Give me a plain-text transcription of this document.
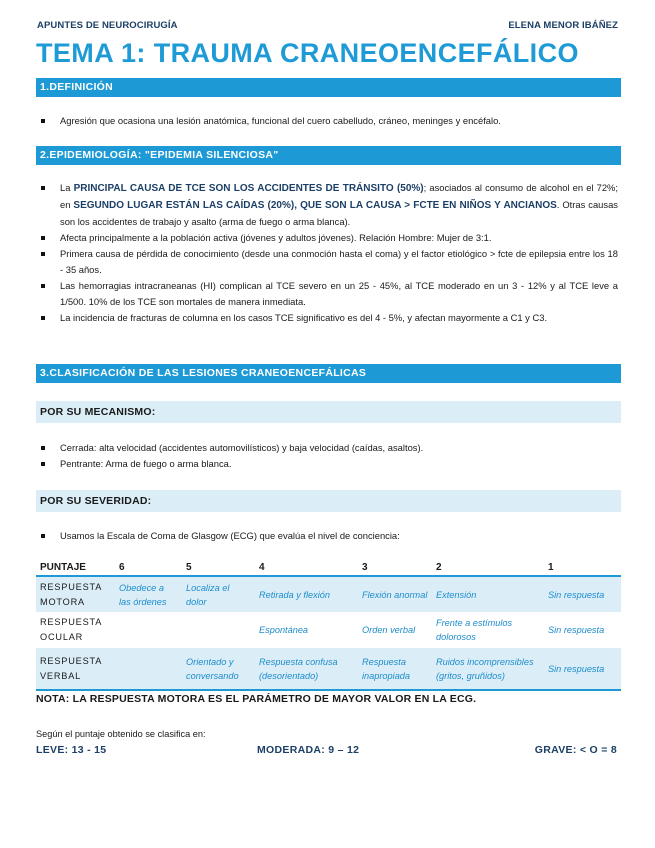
APUNTES DE NEUROCIRUGÍA	ELENA MENOR IBÁÑEZ
TEMA 1: TRAUMA CRANEOENCEFÁLICO
1.DEFINICIÓN
Agresión que ocasiona una lesión anatómica, funcional del cuero cabelludo, cráneo, meninges y encéfalo.
2.EPIDEMIOLOGÍA: "EPIDEMIA SILENCIOSA"
La PRINCIPAL CAUSA DE TCE SON LOS ACCIDENTES DE TRÁNSITO (50%); asociados al consumo de alcohol en el 72%; en SEGUNDO LUGAR ESTÁN LAS CAÍDAS (20%), QUE SON LA CAUSA > FCTE EN NIÑOS Y ANCIANOS. Otras causas son los accidentes de trabajo y asalto (arma de fuego o arma blanca).
Afecta principalmente a la población activa (jóvenes y adultos jóvenes). Relación Hombre: Mujer de 3:1.
Primera causa de pérdida de conocimiento (desde una conmoción hasta el coma) y el factor etiológico > fcte de epilepsia entre los 18 - 35 años.
Las hemorragias intracraneanas (HI) complican al TCE severo en un 25 - 45%, al TCE moderado en un 3 - 12% y al TCE leve a 1/500. 10% de los TCE son mortales de manera inmediata.
La incidencia de fracturas de columna en los casos TCE significativo es del 4 - 5%, y afectan mayormente a C1 y C3.
3.CLASIFICACIÓN DE LAS LESIONES CRANEOENCEFÁLICAS
POR SU MECANISMO:
Cerrada: alta velocidad (accidentes automovilísticos) y baja velocidad (caídas, asaltos).
Pentrante: Arma de fuego o arma blanca.
POR SU SEVERIDAD:
Usamos la Escala de Coma de Glasgow (ECG) que evalúa el nivel de conciencia:
PUNTAJE	6	5	4	3	2	1
RESPUESTA MOTORA	Obedece a las órdenes	Localiza el dolor	Retirada y flexión	Flexión anormal	Extensión	Sin respuesta
RESPUESTA OCULAR			Espontánea	Orden verbal	Frente a estímulos dolorosos	Sin respuesta
RESPUESTA VERBAL		Orientado y conversando	Respuesta confusa (desorientado)	Respuesta inapropiada	Ruidos incomprensibles (gritos, gruñidos)	Sin respuesta
NOTA: LA RESPUESTA MOTORA ES EL PARÁMETRO DE MAYOR VALOR EN LA ECG.
Según el puntaje obtenido se clasifica en:
LEVE: 13 - 15	MODERADA: 9 – 12	GRAVE: < O = 8
